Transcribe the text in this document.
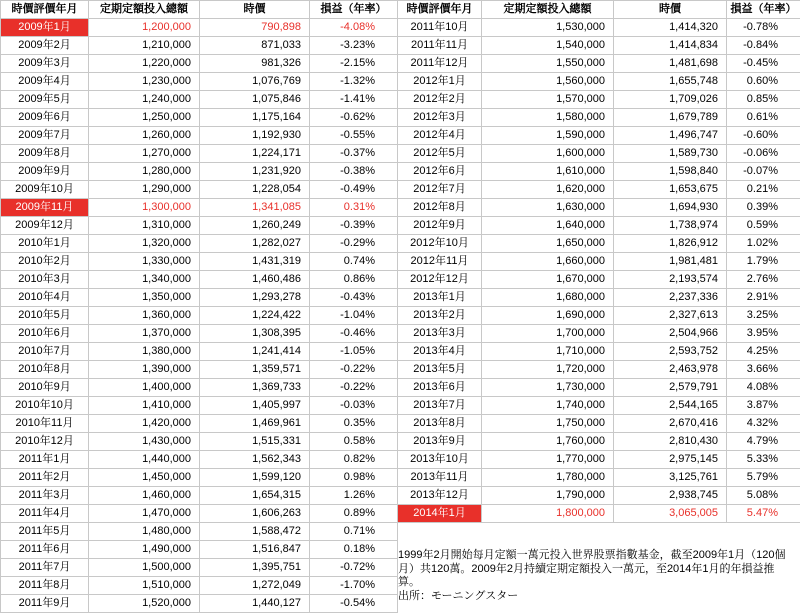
時價評價年月	定期定額投入總額	時價	損益（年率）
2009年1月	1,200,000	790,898	-4.08%
2009年2月	1,210,000	871,033	-3.23%
2009年3月	1,220,000	981,326	-2.15%
2009年4月	1,230,000	1,076,769	-1.32%
2009年5月	1,240,000	1,075,846	-1.41%
2009年6月	1,250,000	1,175,164	-0.62%
2009年7月	1,260,000	1,192,930	-0.55%
2009年8月	1,270,000	1,224,171	-0.37%
2009年9月	1,280,000	1,231,920	-0.38%
2009年10月	1,290,000	1,228,054	-0.49%
2009年11月	1,300,000	1,341,085	0.31%
2009年12月	1,310,000	1,260,249	-0.39%
2010年1月	1,320,000	1,282,027	-0.29%
2010年2月	1,330,000	1,431,319	0.74%
2010年3月	1,340,000	1,460,486	0.86%
2010年4月	1,350,000	1,293,278	-0.43%
2010年5月	1,360,000	1,224,422	-1.04%
2010年6月	1,370,000	1,308,395	-0.46%
2010年7月	1,380,000	1,241,414	-1.05%
2010年8月	1,390,000	1,359,571	-0.22%
2010年9月	1,400,000	1,369,733	-0.22%
2010年10月	1,410,000	1,405,997	-0.03%
2010年11月	1,420,000	1,469,961	0.35%
2010年12月	1,430,000	1,515,331	0.58%
2011年1月	1,440,000	1,562,343	0.82%
2011年2月	1,450,000	1,599,120	0.98%
2011年3月	1,460,000	1,654,315	1.26%
2011年4月	1,470,000	1,606,263	0.89%
2011年5月	1,480,000	1,588,472	0.71%
2011年6月	1,490,000	1,516,847	0.18%
2011年7月	1,500,000	1,395,751	-0.72%
2011年8月	1,510,000	1,272,049	-1.70%
2011年9月	1,520,000	1,440,127	-0.54%
時價評價年月	定期定額投入總額	時價	損益（年率）
2011年10月	1,530,000	1,414,320	-0.78%
2011年11月	1,540,000	1,414,834	-0.84%
2011年12月	1,550,000	1,481,698	-0.45%
2012年1月	1,560,000	1,655,748	0.60%
2012年2月	1,570,000	1,709,026	0.85%
2012年3月	1,580,000	1,679,789	0.61%
2012年4月	1,590,000	1,496,747	-0.60%
2012年5月	1,600,000	1,589,730	-0.06%
2012年6月	1,610,000	1,598,840	-0.07%
2012年7月	1,620,000	1,653,675	0.21%
2012年8月	1,630,000	1,694,930	0.39%
2012年9月	1,640,000	1,738,974	0.59%
2012年10月	1,650,000	1,826,912	1.02%
2012年11月	1,660,000	1,981,481	1.79%
2012年12月	1,670,000	2,193,574	2.76%
2013年1月	1,680,000	2,237,336	2.91%
2013年2月	1,690,000	2,327,613	3.25%
2013年3月	1,700,000	2,504,966	3.95%
2013年4月	1,710,000	2,593,752	4.25%
2013年5月	1,720,000	2,463,978	3.66%
2013年6月	1,730,000	2,579,791	4.08%
2013年7月	1,740,000	2,544,165	3.87%
2013年8月	1,750,000	2,670,416	4.32%
2013年9月	1,760,000	2,810,430	4.79%
2013年10月	1,770,000	2,975,145	5.33%
2013年11月	1,780,000	3,125,761	5.79%
2013年12月	1,790,000	2,938,745	5.08%
2014年1月	1,800,000	3,065,005	5.47%

1999年2月開始每月定額一萬元投入世界股票指數基金，截至2009年1月（120個月）共120萬。2009年2月持續定期定額投入一萬元，至2014年1月的年損益推算。

出所：モーニングスター
